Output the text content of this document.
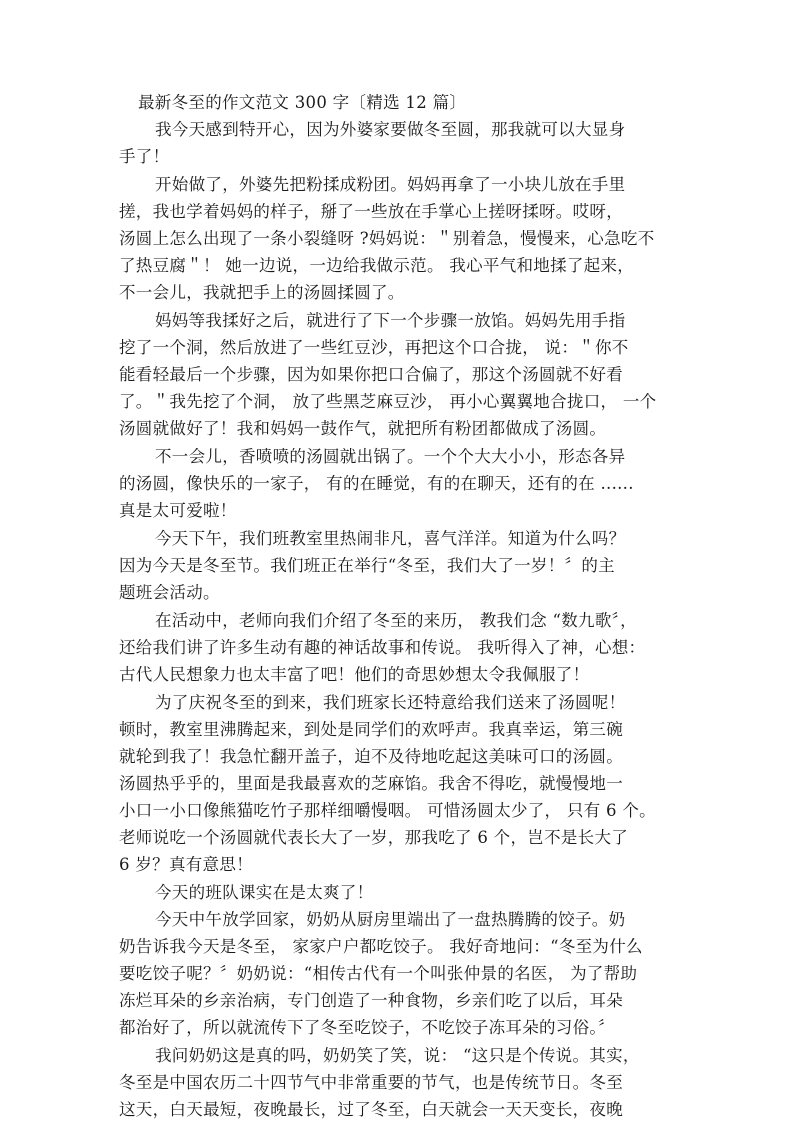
最新冬至的作文范文 300 字〔精选 12 篇〕
我今天感到特开心，因为外婆家要做冬至圆，那我就可以大显身
手了！
开始做了，外婆先把粉揉成粉团。妈妈再拿了一小块儿放在手里
搓，我也学着妈妈的样子，掰了一些放在手掌心上搓呀揉呀。哎呀，
汤圆上怎么出现了一条小裂缝呀 ?妈妈说：＂别着急，慢慢来，心急吃不
了热豆腐＂！ 她一边说，一边给我做示范。 我心平气和地揉了起来，
不一会儿，我就把手上的汤圆揉圆了。
妈妈等我揉好之后，就进行了下一个步骤一放馅。妈妈先用手指
挖了一个洞，然后放进了一些红豆沙，再把这个口合拢， 说：＂你不
能看轻最后一个步骤，因为如果你把口合偏了，那这个汤圆就不好看
了。＂我先挖了个洞， 放了些黑芝麻豆沙， 再小心翼翼地合拢口， 一个
汤圆就做好了！我和妈妈一鼓作气，就把所有粉团都做成了汤圆。
不一会儿，香喷喷的汤圆就出锅了。一个个大大小小，形态各异
的汤圆，像快乐的一家子， 有的在睡觉，有的在聊天，还有的在 ......
真是太可爱啦！
今天下午，我们班教室里热闹非凡，喜气洋洋。知道为什么吗？
因为今天是冬至节。我们班正在举行“冬至，我们大了一岁！〞的主
题班会活动。
在活动中，老师向我们介绍了冬至的来历， 教我们念 “数九歌〞，
还给我们讲了许多生动有趣的神话故事和传说。 我听得入了神，心想：
古代人民想象力也太丰富了吧！他们的奇思妙想太令我佩服了！
为了庆祝冬至的到来，我们班家长还特意给我们送来了汤圆呢！
顿时，教室里沸腾起来，到处是同学们的欢呼声。我真幸运，第三碗
就轮到我了！我急忙翻开盖子，迫不及待地吃起这美味可口的汤圆。
汤圆热乎乎的，里面是我最喜欢的芝麻馅。我舍不得吃，就慢慢地一
小口一小口像熊猫吃竹子那样细嚼慢咽。 可惜汤圆太少了， 只有 6 个。
老师说吃一个汤圆就代表长大了一岁，那我吃了 6 个，岂不是长大了
6 岁？真有意思！
今天的班队课实在是太爽了！
今天中午放学回家，奶奶从厨房里端出了一盘热腾腾的饺子。奶
奶告诉我今天是冬至， 家家户户都吃饺子。 我好奇地问：“冬至为什么
要吃饺子呢？〞奶奶说：“相传古代有一个叫张仲景的名医， 为了帮助
冻烂耳朵的乡亲治病，专门创造了一种食物，乡亲们吃了以后，耳朵
都治好了，所以就流传下了冬至吃饺子，不吃饺子冻耳朵的习俗。〞
我问奶奶这是真的吗，奶奶笑了笑，说： “这只是个传说。其实，
冬至是中国农历二十四节气中非常重要的节气，也是传统节日。冬至
这天，白天最短，夜晚最长，过了冬至，白天就会一天天变长，夜晚
